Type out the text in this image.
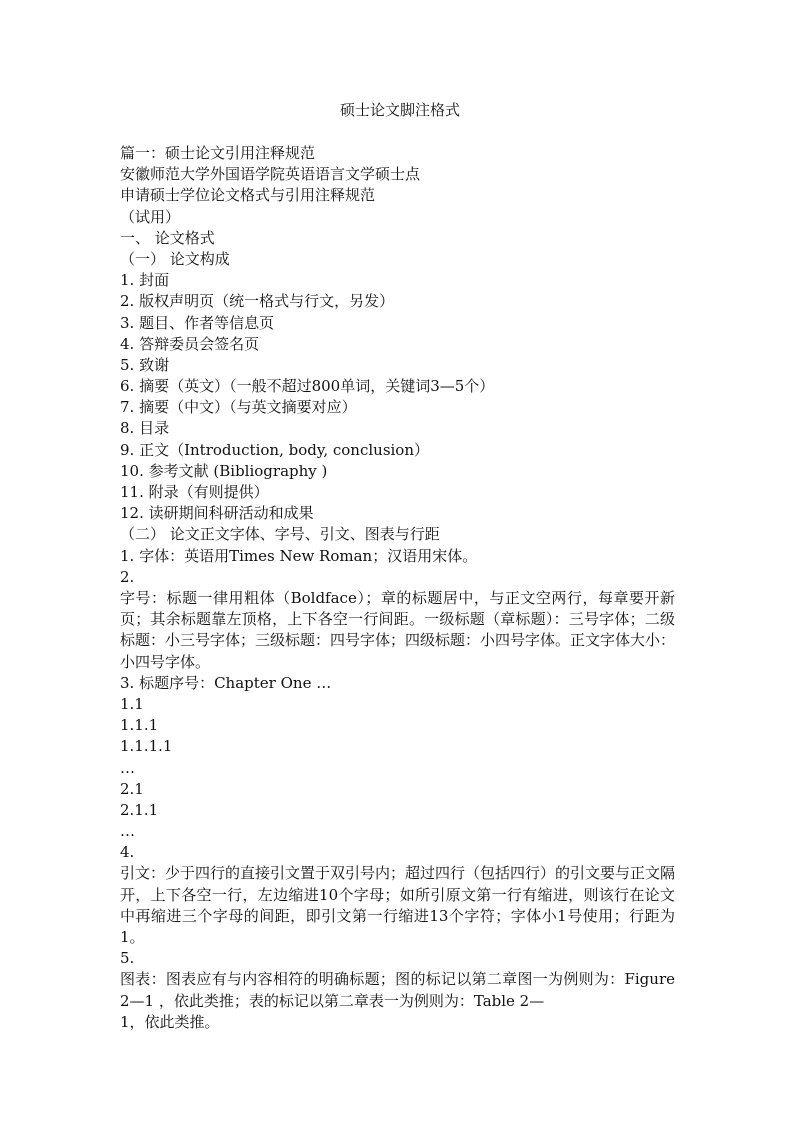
硕士论文脚注格式
篇一：硕士论文引用注释规范
安徽师范大学外国语学院英语语言文学硕士点
申请硕士学位论文格式与引用注释规范
（试用）
一、 论文格式
（一） 论文构成
1. 封面
2. 版权声明页（统一格式与行文，另发）
3. 题目、作者等信息页
4. 答辩委员会签名页
5. 致谢
6. 摘要（英文）（一般不超过800单词，关键词3—5个）
7. 摘要（中文）（与英文摘要对应）
8. 目录
9. 正文（Introduction, body, conclusion）
10. 参考文献 (Bibliography )
11. 附录（有则提供）
12. 读研期间科研活动和成果
（二） 论文正文字体、字号、引文、图表与行距
1. 字体：英语用Times New Roman；汉语用宋体。
2.
字号：标题一律用粗体（Boldface）；章的标题居中，与正文空两行，每章要开新页；其余标题靠左顶格，上下各空一行间距。一级标题（章标题）：三号字体；二级标题：小三号字体；三级标题：四号字体；四级标题：小四号字体。正文字体大小：小四号字体。
3. 标题序号：Chapter One …
1.1
1.1.1
1.1.1.1
…
2.1
2.1.1
…
4.
引文：少于四行的直接引文置于双引号内；超过四行（包括四行）的引文要与正文隔开，上下各空一行，左边缩进10个字母；如所引原文第一行有缩进，则该行在论文中再缩进三个字母的间距，即引文第一行缩进13个字符；字体小1号使用；行距为1。
5.
图表：图表应有与内容相符的明确标题；图的标记以第二章图一为例则为：Figure 2—1 ，依此类推；表的标记以第二章表一为例则为：Table 2—
1，依此类推。
